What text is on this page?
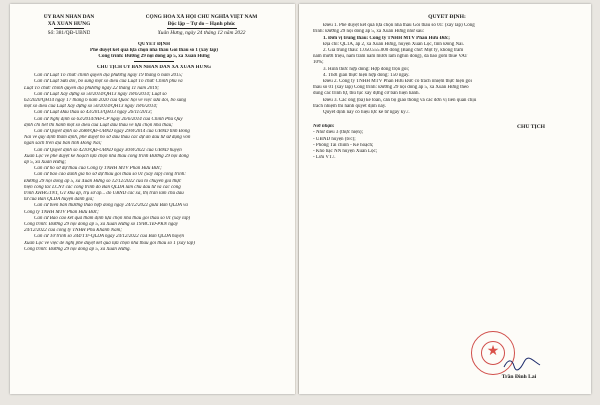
ỦY BAN NHÂN DÂN
XÃ XUÂN HƯNG
Số: 381/QĐ-UBND
CỘNG HÒA XÃ HỘI CHỦ NGHĨA VIỆT NAM
Độc lập – Tự do – Hạnh phúc
Xuân Hưng, ngày 24 tháng 12 năm 2022
QUYẾT ĐỊNH
Phê duyệt kết quả lựa chọn nhà thầu Gói thầu số 1 (xây lắp)
Công trình: Đường 29 nội đồng ấp 5, xã Xuân Hưng
CHỦ TỊCH ỦY BAN NHÂN DÂN XÃ XUÂN HƯNG
Căn cứ Luật Tổ chức chính quyền địa phương ngày 19 tháng 6 năm 2015;
Căn cứ Luật Sửa đổi, bổ sung một số điều của Luật Tổ chức Chính phủ và
Luật Tổ chức chính quyền địa phương ngày 22 tháng 11 năm 2019;
Căn cứ Luật Xây dựng số 50/2014/QH13 ngày 18/6/2014; Luật số
62/2020/QH14 ngày 17 tháng 6 năm 2020 của Quốc hội về việc sửa đổi, bổ sung
một số điều của Luật Xây dựng số 50/2014/QH13 ngày 18/6/2014;
Căn cứ Luật Đấu thầu số 43/2013/QH13 ngày 26/11/2013;
Căn cứ Nghị định số 63/2014/NĐ-CP ngày 26/6/2014 của Chính Phủ Quy
định chi tiết thi hành một số điều của Luật đấu thầu về lựa chọn nhà thầu;
Căn cứ Quyết định số 2688/QĐ-UBND ngày 29/8/2014 của UBND tỉnh Đồng
Nai về quy định thẩm định, phê duyệt hồ sơ đấu thầu các dự án đầu tư sử dụng vốn
ngân sách trên địa bàn tỉnh Đồng Nai;
Căn cứ Quyết định số 4210/QĐ-UBND ngày 30/8/2022 của UBND huyện
Xuân Lộc về phê duyệt kế hoạch lựa chọn nhà thầu công trình Đường 29 nội đồng
ấp 5, xã Xuân Hưng;
Căn cứ hồ sơ dự thầu của Công ty TNHH MTV Phan Hữu Đức;
Căn cứ báo cáo đánh giá hồ sơ dự thầu gói thầu số 01 (xây lắp) công trình:
Đường 29 nội đồng ấp 5, xã Xuân Hưng số 12/12/2022 của tổ chuyên gia thực
hiện công tác LCNT các công trình do Ban QLDA làm chủ đầu tư và các công
trình XHHGTNT, GT khu ấp, trụ sở ấp... do UBND các xã, thị trấn làm chủ đầu
tư của Ban QLDA huyện đánh giá;
Căn cứ biên bản thương thảo hợp đồng ngày 24/12/2022 giữa Ban QLDA và
Công ty TNHH MTV Phan Hữu Đức;
Căn cứ Báo cáo kết quả thẩm định lựa chọn nhà thầu gói thầu số 01 (xây lắp)
Công trình: Đường 29 nội đồng ấp 5, xã Xuân Hưng số 19/BCTĐ-PKN ngày
24/12/2022 của công ty TNHH Phú Khánh Nam;
Căn cứ Tờ trình số 344/TTr-QLDA ngày 24/12/2022 của Ban QLDA huyện
Xuân Lộc về việc đề nghị phê duyệt kết quả lựa chọn nhà thầu gói thầu số 1 (xây lắp)
Công trình: Đường 29 nội đồng ấp 5, xã Xuân Hưng.
QUYẾT ĐỊNH:
Điều 1. Phê duyệt kết quả lựa chọn nhà thầu Gói thầu số 01: (xây lắp) Công
trình: Đường 29 nội đồng ấp 5, xã Xuân Hưng như sau:
1. Đơn vị trúng thầu: Công ty TNHH MTV Phan Hữu Đức;
Địa chỉ: QL1A, ấp 2, xã Xuân Hưng, huyện Xuân Lộc, tỉnh Đồng Nai.
2. Giá trúng thầu: 1.050.555.000 đồng (Bằng chữ: Một tỷ, không trăm
năm mươi triệu, năm trăm năm mươi lăm nghìn đồng), đã bao gồm thuế VAT
10%;
3. Hình thức hợp đồng: Hợp đồng trọn gói;
4. Thời gian thực hiện hợp đồng: 150 ngày.
Điều 2. Công ty TNHH MTV Phan Hữu Đức có trách nhiệm thực hiện gói
thầu số 01 (xây lắp) Công trình: Đường 29 nội đồng ấp 5, xã Xuân Hưng theo
đúng các trình tự, thủ tục xây dựng cơ bản hiện hành.
Điều 3. Các ông (bà) kế toán, cán bộ giao thông và các đơn vị liên quan chịu
trách nhiệm thi hành quyết định này.
Quyết định này có hiệu lực kể từ ngày ký./.
Nơi nhận:
- Như điều 3 (thực hiện);
- UBND huyện (b/c);
- Phòng Tài chính - Kế hoạch;
- Kho bạc NN huyện Xuân Lộc;
- Lưu VT./.
CHỦ TỊCH
★
Trần Đình Lai
